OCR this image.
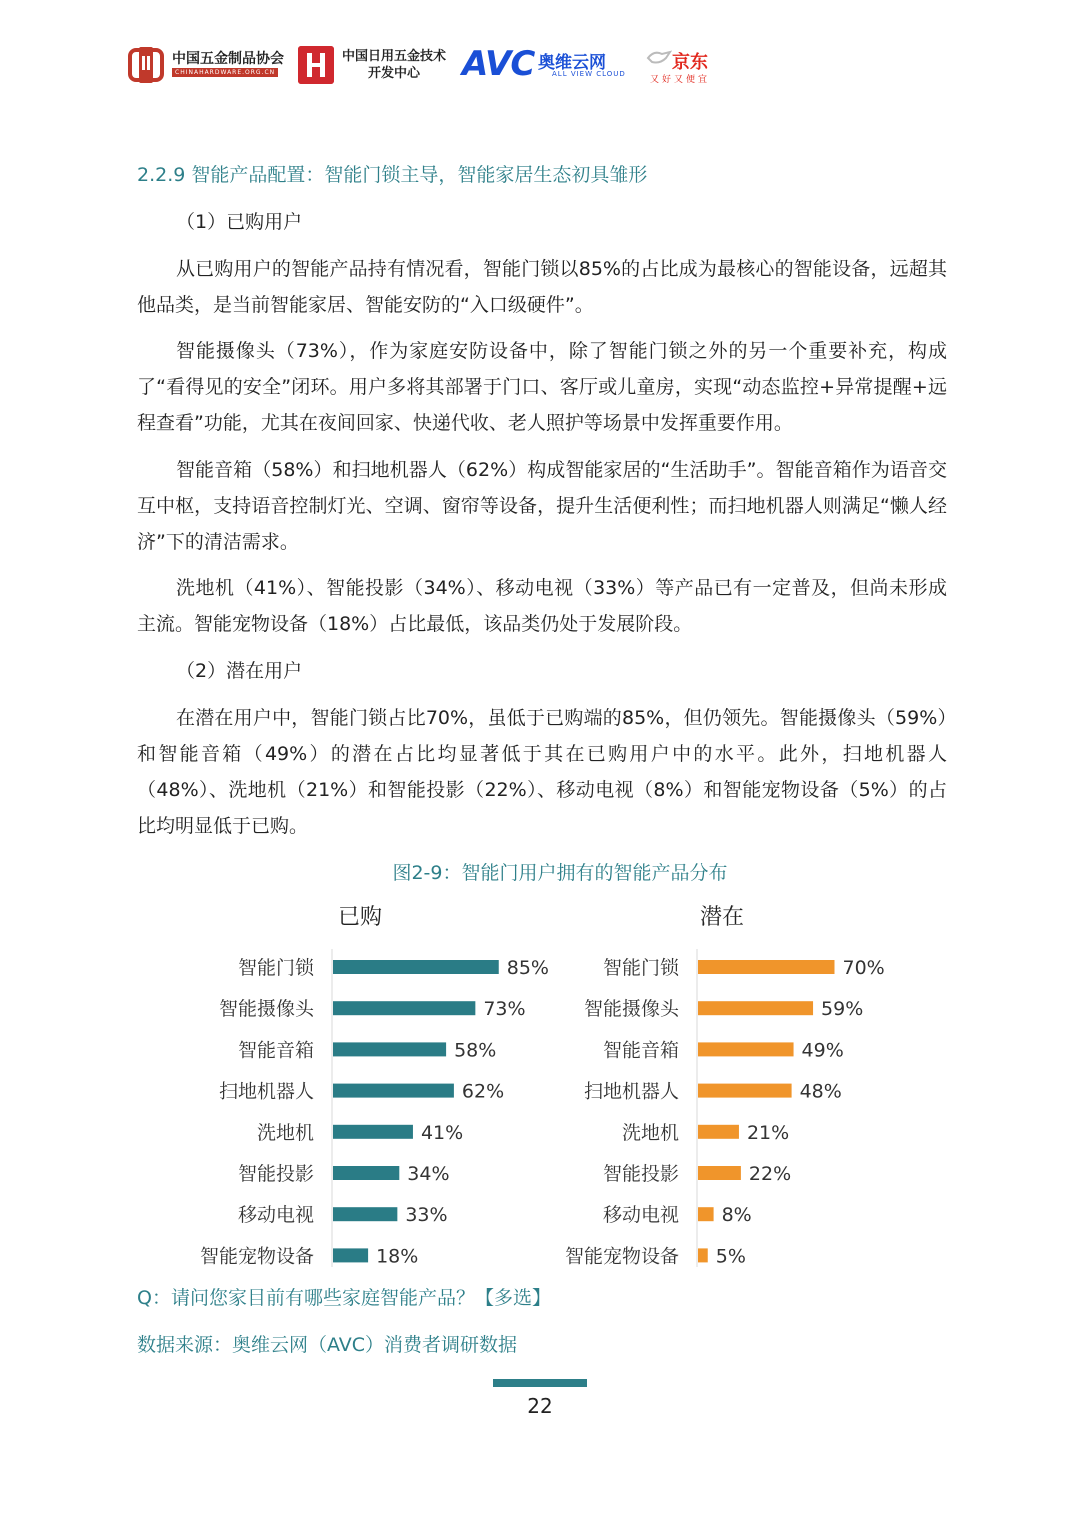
中国五金制品协会
CHINAHARDWARE.ORG.CN
中国日用五金技术
开发中心	AVC 奥维云网
ALL VIEW CLOUD
京东
又好又便宜
2.2.9 智能产品配置：智能门锁主导，智能家居生态初具雏形
（1）已购用户
从已购用户的智能产品持有情况看，智能门锁以85%的占比成为最核心的智能设备，远超其他品类，是当前智能家居、智能安防的“入口级硬件”。
智能摄像头（73%），作为家庭安防设备中，除了智能门锁之外的另一个重要补充，构成了“看得见的安全”闭环。用户多将其部署于门口、客厅或儿童房，实现“动态监控+异常提醒+远程查看”功能，尤其在夜间回家、快递代收、老人照护等场景中发挥重要作用。
智能音箱（58%）和扫地机器人（62%）构成智能家居的“生活助手”。智能音箱作为语音交互中枢，支持语音控制灯光、空调、窗帘等设备，提升生活便利性；而扫地机器人则满足“懒人经济”下的清洁需求。
洗地机（41%）、智能投影（34%）、移动电视（33%）等产品已有一定普及，但尚未形成主流。智能宠物设备（18%）占比最低，该品类仍处于发展阶段。
（2）潜在用户
在潜在用户中，智能门锁占比70%，虽低于已购端的85%，但仍领先。智能摄像头（59%）和智能音箱（49%）的潜在占比均显著低于其在已购用户中的水平。此外，扫地机器人（48%）、洗地机（21%）和智能投影（22%）、移动电视（8%）和智能宠物设备（5%）的占比均明显低于已购。
图2-9：智能门用户拥有的智能产品分布
已购	潜在
智能门锁	85%
智能摄像头	73%
智能音箱	58%
扫地机器人	62%
洗地机	41%
智能投影	34%
移动电视	33%
智能宠物设备	18%
智能门锁	70%
智能摄像头	59%
智能音箱	49%
扫地机器人	48%
洗地机	21%
智能投影	22%
移动电视 8%
智能宠物设备 5%
Q：请问您家目前有哪些家庭智能产品？【多选】
数据来源：奥维云网（AVC）消费者调研数据
22
